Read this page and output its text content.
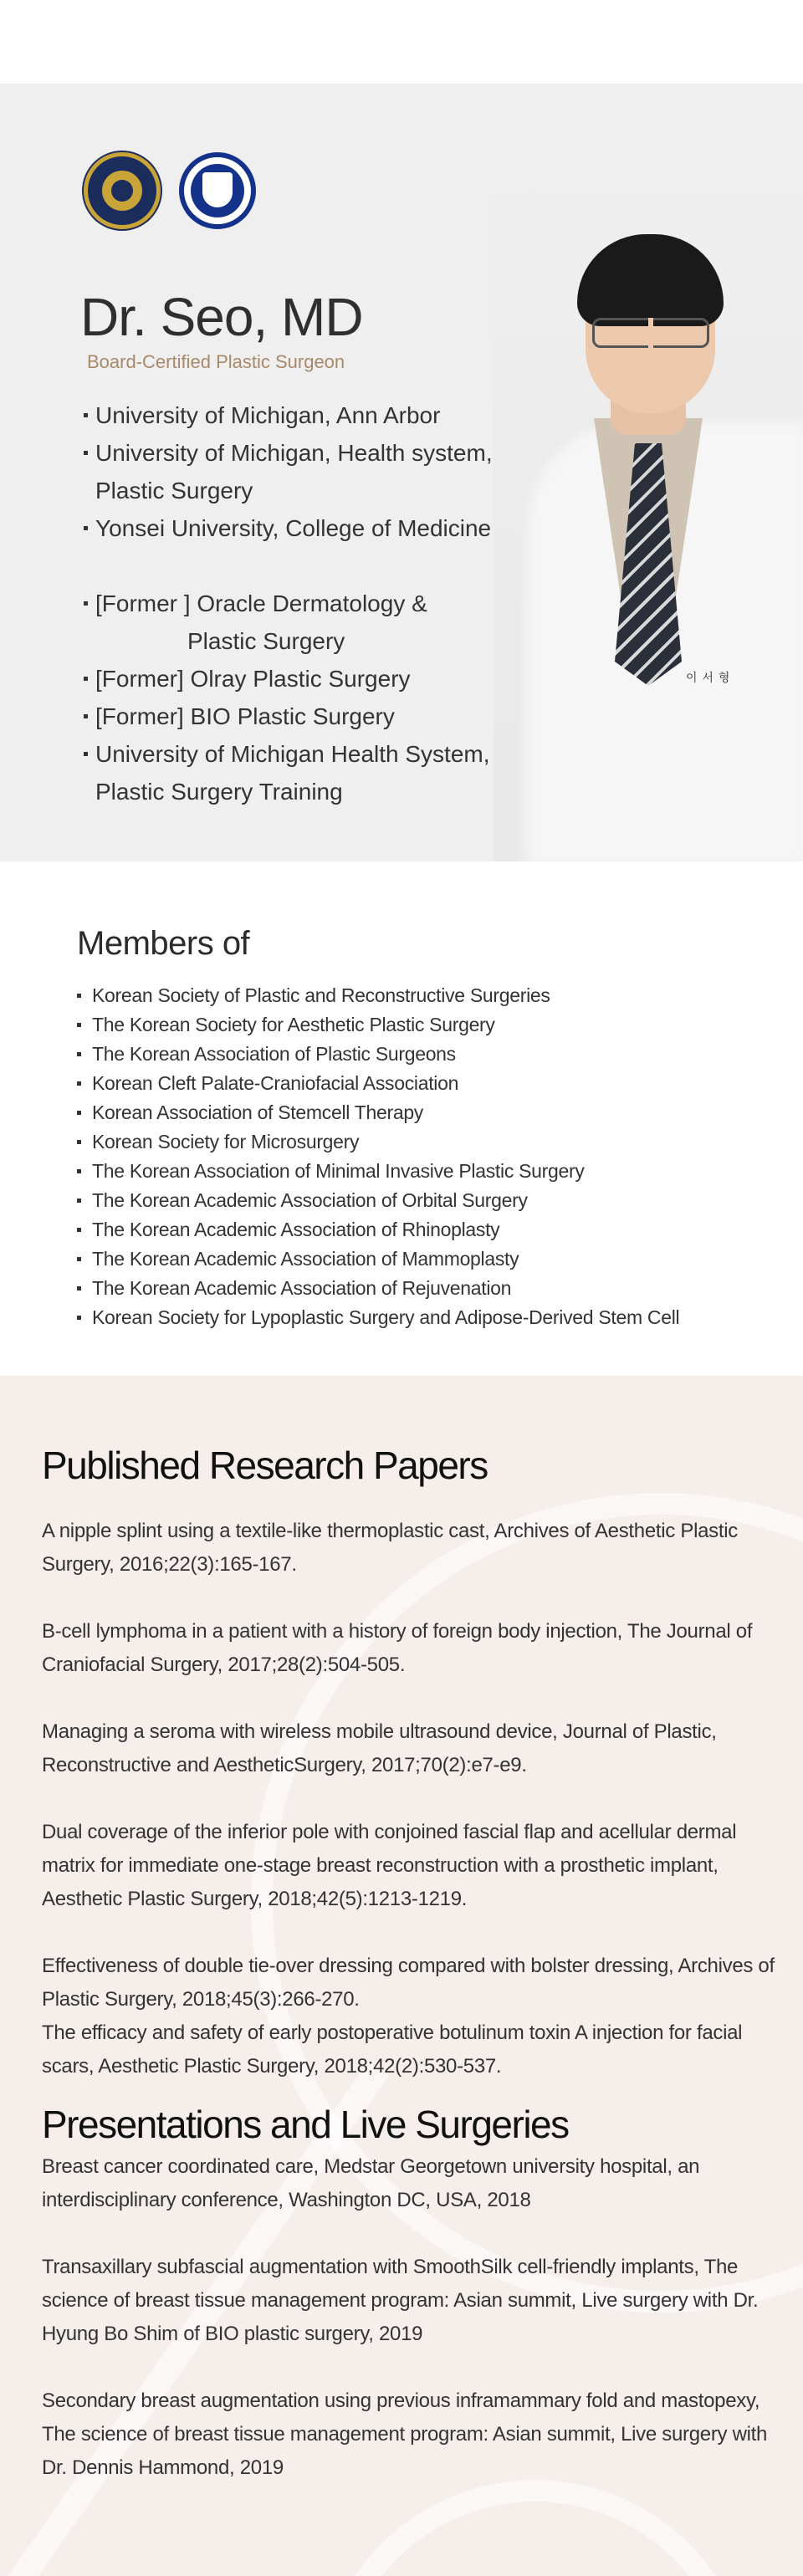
Dr. Seo, MD
Board-Certified Plastic Surgeon
University of Michigan, Ann Arbor
University of Michigan, Health system,
Plastic Surgery
Yonsei University, College of Medicine
[Former ] Oracle Dermatology &
Plastic Surgery
[Former] Olray Plastic Surgery
[Former] BIO Plastic Surgery
University of Michigan Health System,
Plastic Surgery Training
이 서 형
Members of
Korean Society of Plastic and Reconstructive Surgeries
The Korean Society for Aesthetic Plastic Surgery
The Korean Association of Plastic Surgeons
Korean Cleft Palate-Craniofacial Association
Korean Association of Stemcell Therapy
Korean Society for Microsurgery
The Korean Association of Minimal Invasive Plastic Surgery
The Korean Academic Association of Orbital Surgery
The Korean Academic Association of Rhinoplasty
The Korean Academic Association of Mammoplasty
The Korean Academic Association of Rejuvenation
Korean Society for Lypoplastic Surgery and Adipose-Derived Stem Cell
Published Research Papers

A nipple splint using a textile-like thermoplastic cast, Archives of Aesthetic Plastic Surgery, 2016;22(3):165-167.

B-cell lymphoma in a patient with a history of foreign body injection, The Journal of Craniofacial Surgery, 2017;28(2):504-505.

Managing a seroma with wireless mobile ultrasound device, Journal of Plastic, Reconstructive and AestheticSurgery, 2017;70(2):e7-e9.

Dual coverage of the inferior pole with conjoined fascial flap and acellular dermal matrix for immediate one-stage breast reconstruction with a prosthetic implant, Aesthetic Plastic Surgery, 2018;42(5):1213-1219.

Effectiveness of double tie-over dressing compared with bolster dressing, Archives of Plastic Surgery, 2018;45(3):266-270.

The efficacy and safety of early postoperative botulinum toxin A injection for facial scars, Aesthetic Plastic Surgery, 2018;42(2):530-537.

Presentations and Live Surgeries

Breast cancer coordinated care, Medstar Georgetown university hospital, an interdisciplinary conference, Washington DC, USA, 2018

Transaxillary subfascial augmentation with SmoothSilk cell-friendly implants, The science of breast tissue management program: Asian summit, Live surgery with Dr. Hyung Bo Shim of BIO plastic surgery, 2019

Secondary breast augmentation using previous inframammary fold and mastopexy, The science of breast tissue management program: Asian summit, Live surgery with Dr. Dennis Hammond, 2019
